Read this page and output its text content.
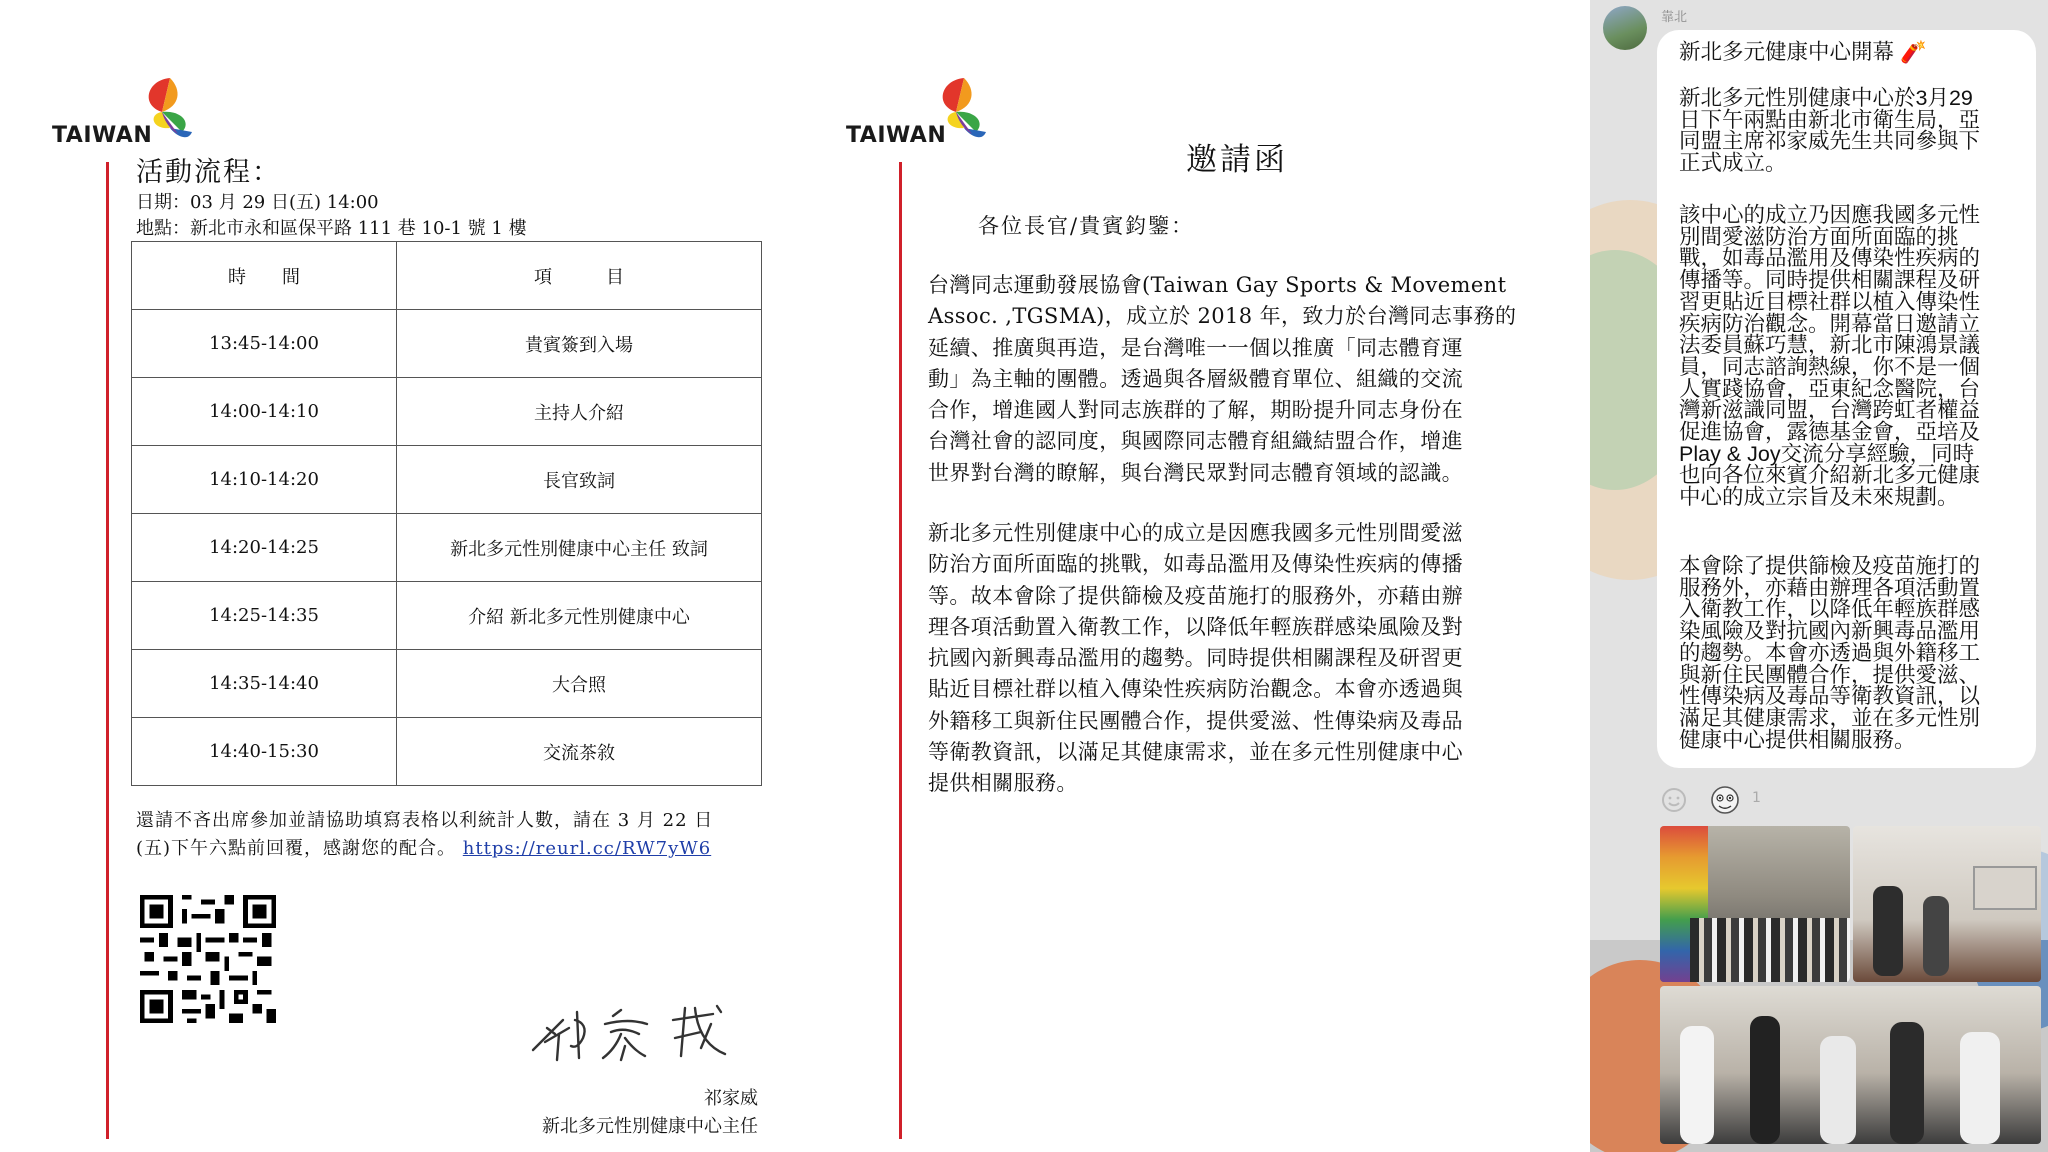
TAIWAN
活動流程：
日期：03 月 29 日(五) 14:00
地點：新北市永和區保平路 111 巷 10-1 號 1 樓
時　　間	項　　　目
13:45-14:00	貴賓簽到入場
14:00-14:10	主持人介紹
14:10-14:20	長官致詞
14:20-14:25	新北多元性別健康中心主任 致詞
14:25-14:35	介紹 新北多元性別健康中心
14:35-14:40	大合照
14:40-15:30	交流茶敘
還請不吝出席參加並請協助填寫表格以利統計人數，請在 3 月 22 日
(五)下午六點前回覆，感謝您的配合。 https://reurl.cc/RW7yW6
祁家威
新北多元性別健康中心主任
TAIWAN
邀請函
各位長官/貴賓鈞鑒：
台灣同志運動發展協會(Taiwan Gay Sports & Movement
Assoc. ,TGSMA)，成立於 2018 年，致力於台灣同志事務的
延續、推廣與再造，是台灣唯一一個以推廣「同志體育運
動」為主軸的團體。透過與各層級體育單位、組織的交流
合作，增進國人對同志族群的了解，期盼提升同志身份在
台灣社會的認同度，與國際同志體育組織結盟合作，增進
世界對台灣的瞭解，與台灣民眾對同志體育領域的認識。
新北多元性別健康中心的成立是因應我國多元性別間愛滋
防治方面所面臨的挑戰，如毒品濫用及傳染性疾病的傳播
等。故本會除了提供篩檢及疫苗施打的服務外，亦藉由辦
理各項活動置入衛教工作，以降低年輕族群感染風險及對
抗國內新興毒品濫用的趨勢。同時提供相關課程及研習更
貼近目標社群以植入傳染性疾病防治觀念。本會亦透過與
外籍移工與新住民團體合作，提供愛滋、性傳染病及毒品
等衛教資訊，以滿足其健康需求，並在多元性別健康中心
提供相關服務。
靠北
新北多元健康中心開幕 🧨
新北多元性別健康中心於3月29
日下午兩點由新北市衛生局，亞
同盟主席祁家威先生共同參與下
正式成立。
該中心的成立乃因應我國多元性
別間愛滋防治方面所面臨的挑
戰，如毒品濫用及傳染性疾病的
傳播等。同時提供相關課程及研
習更貼近目標社群以植入傳染性
疾病防治觀念。開幕當日邀請立
法委員蘇巧慧，新北市陳鴻景議
員，同志諮詢熱線，你不是一個
人實踐協會，亞東紀念醫院，台
灣新滋識同盟，台灣跨虹者權益
促進協會，露德基金會，亞培及
Play & Joy交流分享經驗，同時
也向各位來賓介紹新北多元健康
中心的成立宗旨及未來規劃。
本會除了提供篩檢及疫苗施打的
服務外，亦藉由辦理各項活動置
入衛教工作，以降低年輕族群感
染風險及對抗國內新興毒品濫用
的趨勢。本會亦透過與外籍移工
與新住民團體合作，提供愛滋、
性傳染病及毒品等衛教資訊，以
滿足其健康需求，並在多元性別
健康中心提供相關服務。
1
